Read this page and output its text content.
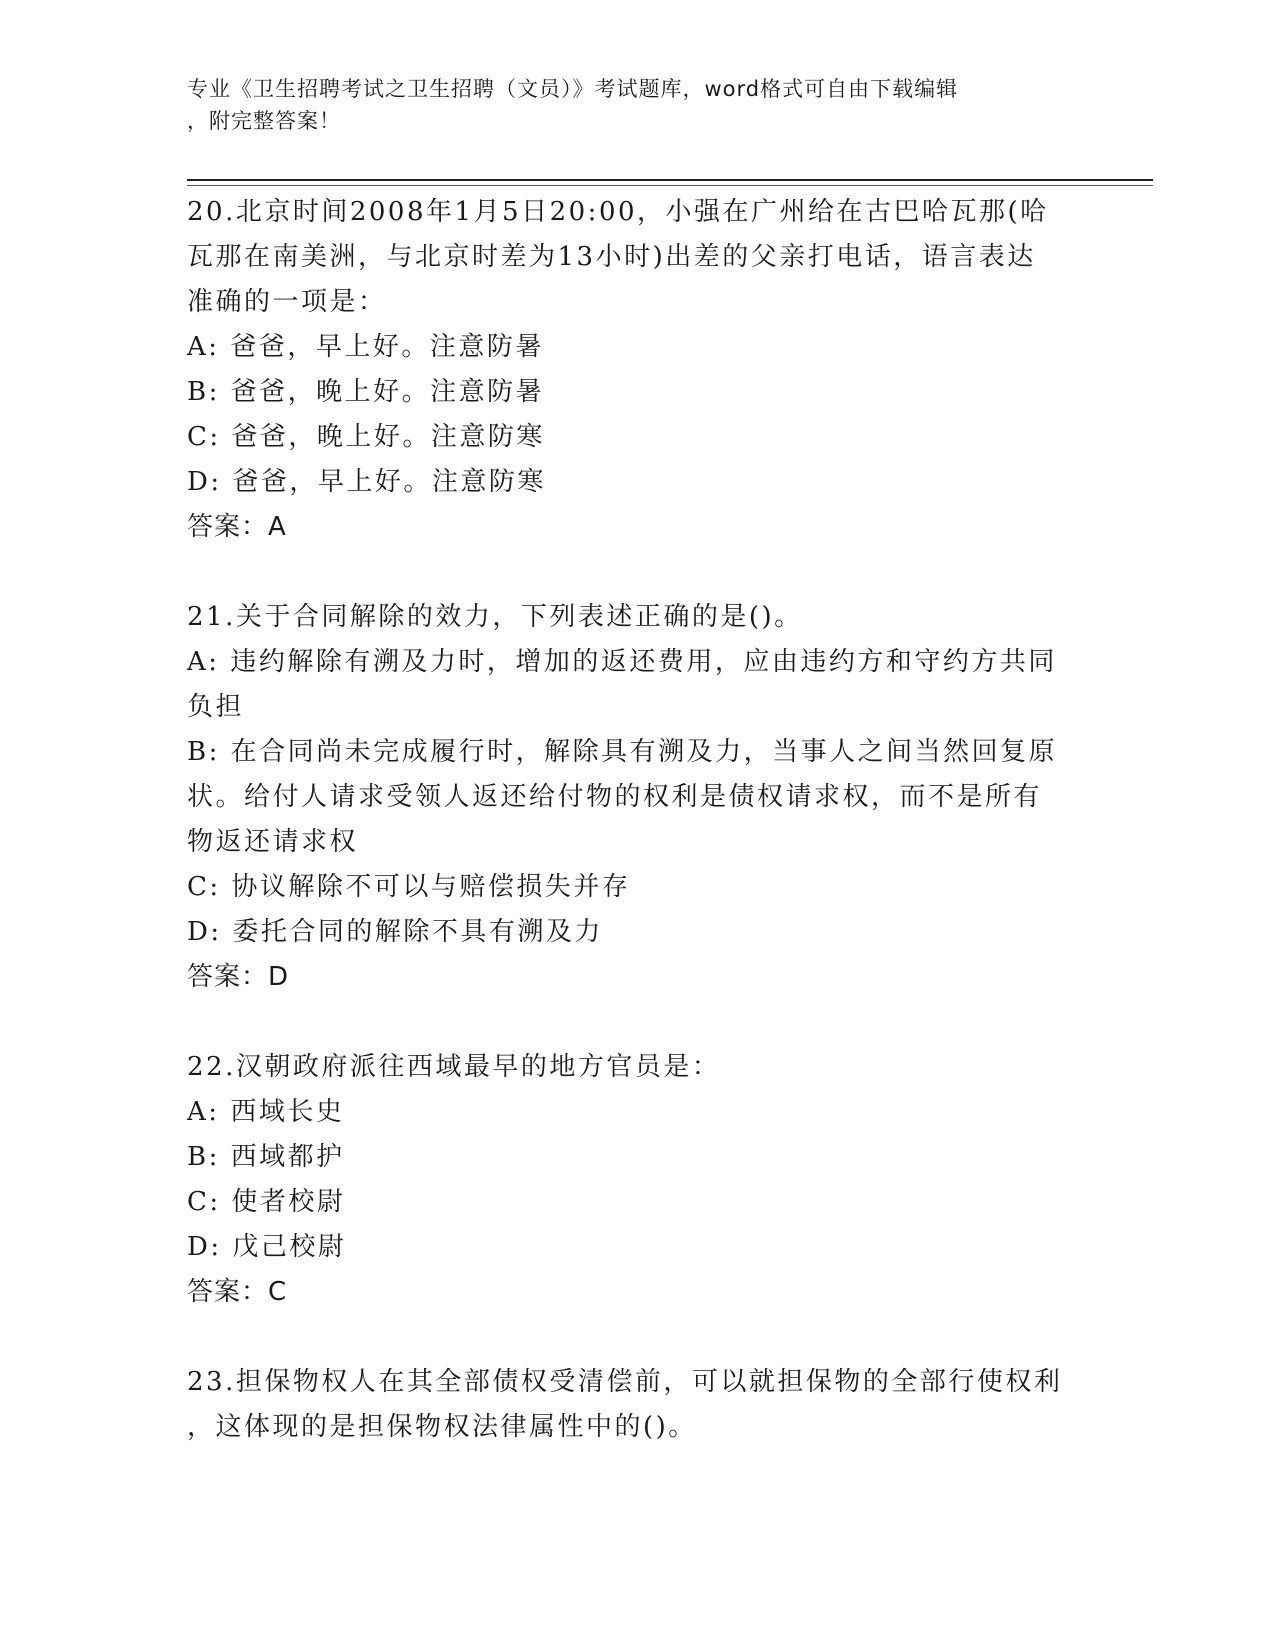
专业《卫生招聘考试之卫生招聘（文员）》考试题库，word格式可自由下载编辑
，附完整答案！
20.北京时间2008年1月5日20:00，小强在广州给在古巴哈瓦那(哈
瓦那在南美洲，与北京时差为13小时)出差的父亲打电话，语言表达
准确的一项是：
A: 爸爸，早上好。注意防暑
B: 爸爸，晚上好。注意防暑
C: 爸爸，晚上好。注意防寒
D: 爸爸，早上好。注意防寒
答案：A
21.关于合同解除的效力，下列表述正确的是()。
A: 违约解除有溯及力时，增加的返还费用，应由违约方和守约方共同
负担
B: 在合同尚未完成履行时，解除具有溯及力，当事人之间当然回复原
状。给付人请求受领人返还给付物的权利是债权请求权，而不是所有
物返还请求权
C: 协议解除不可以与赔偿损失并存
D: 委托合同的解除不具有溯及力
答案：D
22.汉朝政府派往西域最早的地方官员是：
A: 西域长史
B: 西域都护
C: 使者校尉
D: 戊己校尉
答案：C
23.担保物权人在其全部债权受清偿前，可以就担保物的全部行使权利
，这体现的是担保物权法律属性中的()。
